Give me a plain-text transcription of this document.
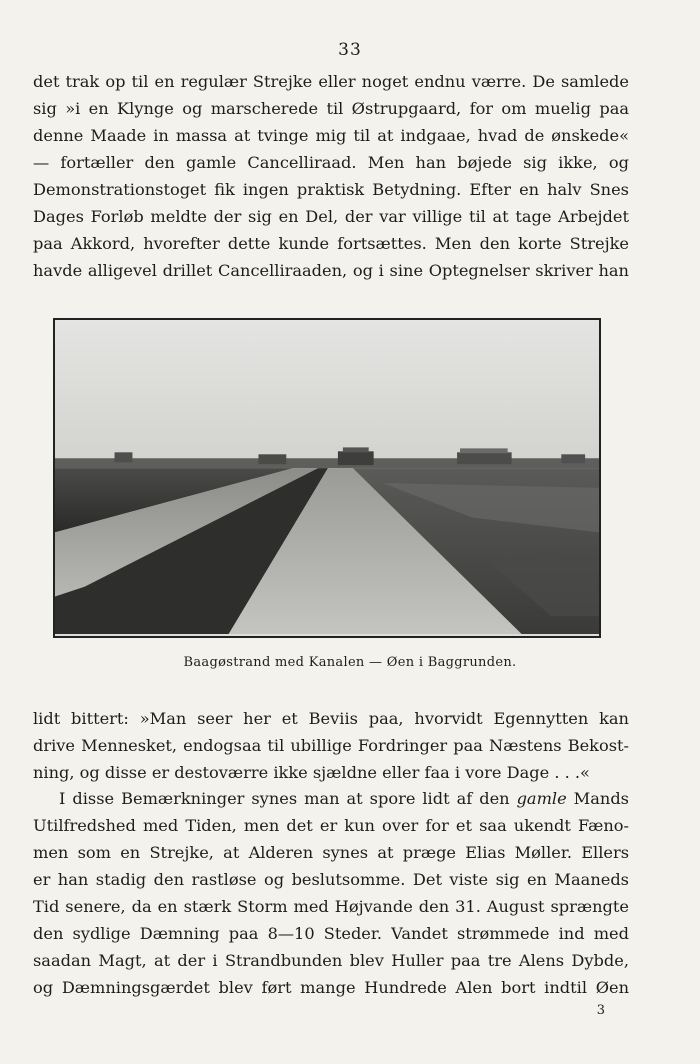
33
det trak op til en regulær Strejke eller noget endnu værre. De samlede
sig »i en Klynge og marscherede til Østrupgaard, for om muelig paa
denne Maade in massa at tvinge mig til at indgaae, hvad de ønskede«
— fortæller den gamle Cancelliraad. Men han bøjede sig ikke, og
Demonstrationstoget fik ingen praktisk Betydning. Efter en halv Snes
Dages Forløb meldte der sig en Del, der var villige til at tage Arbejdet
paa Akkord, hvorefter dette kunde fortsættes. Men den korte Strejke
havde alligevel drillet Cancelliraaden, og i sine Optegnelser skriver han
Baagøstrand med Kanalen — Øen i Baggrunden.
lidt bittert: »Man seer her et Beviis paa, hvorvidt Egennytten kan
drive Mennesket, endogsaa til ubillige Fordringer paa Næstens Bekost-
ning, og disse er destoværre ikke sjældne eller faa i vore Dage . . .«
I disse Bemærkninger synes man at spore lidt af den gamle Mands
Utilfredshed med Tiden, men det er kun over for et saa ukendt Fæno-
men som en Strejke, at Alderen synes at præge Elias Møller. Ellers
er han stadig den rastløse og beslutsomme. Det viste sig en Maaneds
Tid senere, da en stærk Storm med Højvande den 31. August sprængte
den sydlige Dæmning paa 8—10 Steder. Vandet strømmede ind med
saadan Magt, at der i Strandbunden blev Huller paa tre Alens Dybde,
og Dæmningsgærdet blev ført mange Hundrede Alen bort indtil Øen
3
